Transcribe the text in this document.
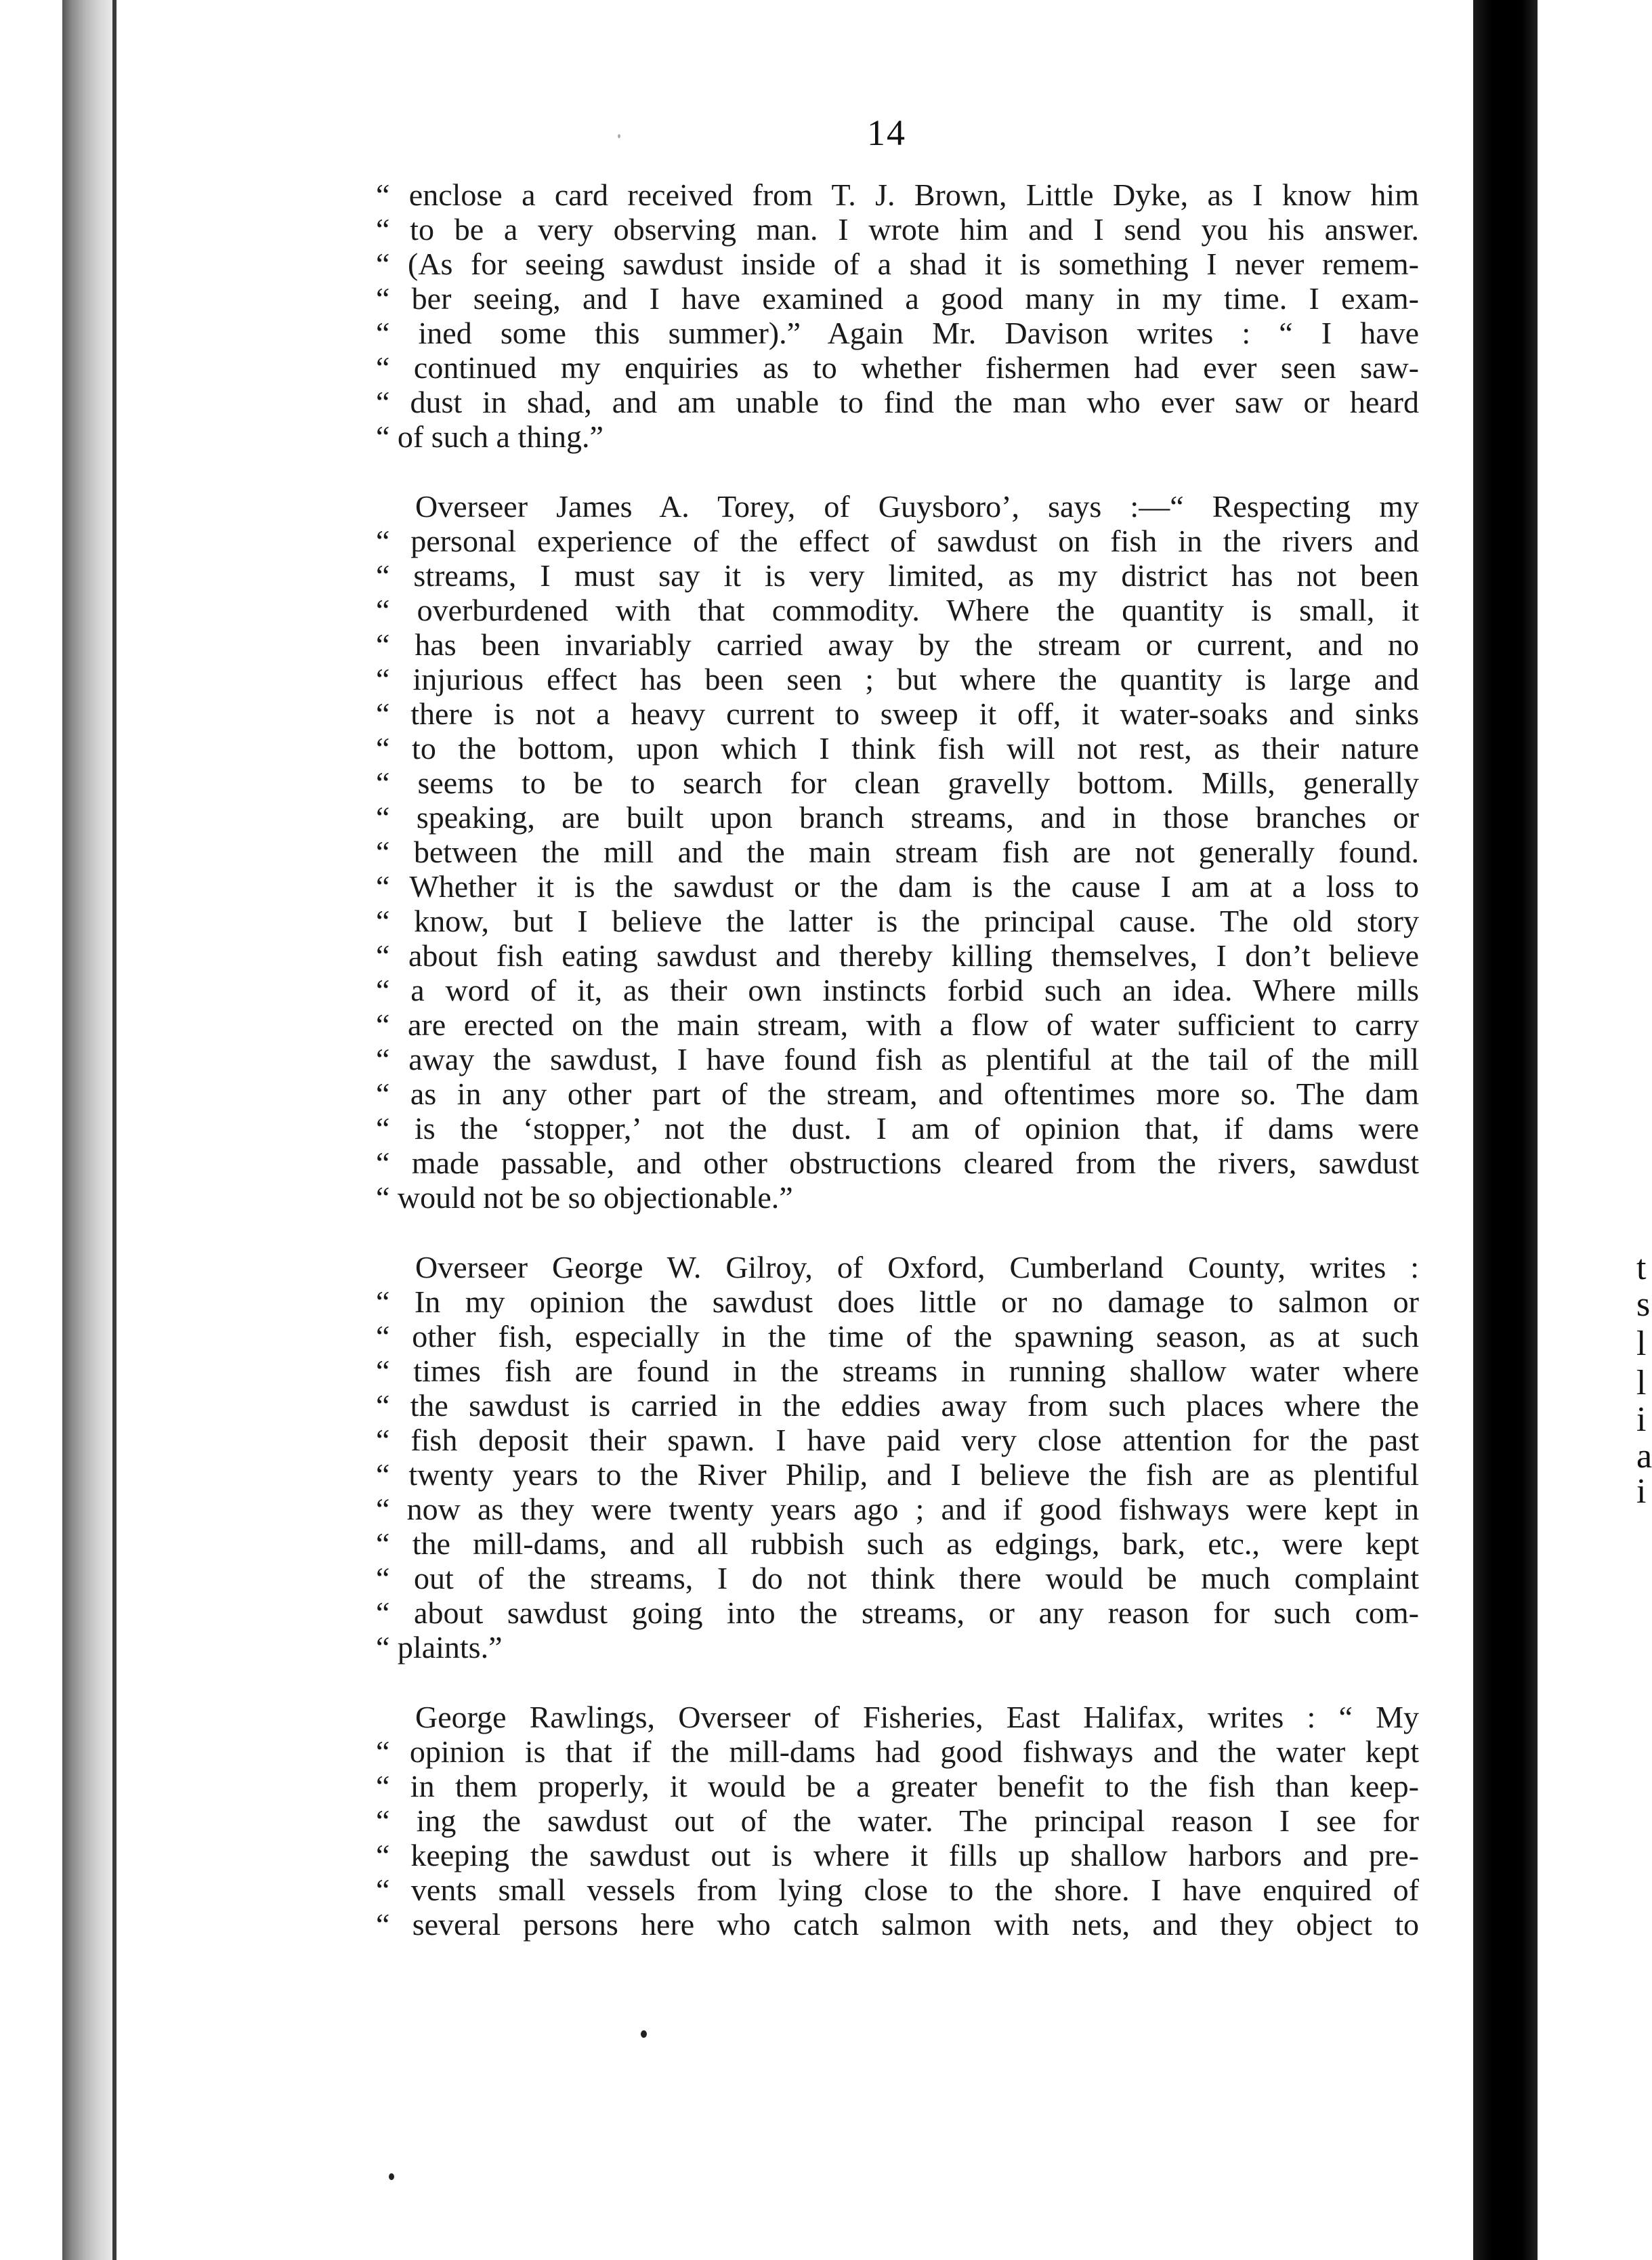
t
s
l
l
i
a
i
14
“ enclose a card received from T. J. Brown, Little Dyke, as I know him
“ to be a very observing man. I wrote him and I send you his answer.
“ (As for seeing sawdust inside of a shad it is something I never remem-
“ ber seeing, and I have examined a good many in my time. I exam-
“ ined some this summer).” Again Mr. Davison writes : “ I have
“ continued my enquiries as to whether fishermen had ever seen saw-
“ dust in shad, and am unable to find the man who ever saw or heard
“ of such a thing.”
Overseer James A. Torey, of Guysboro’, says :—“ Respecting my
“ personal experience of the effect of sawdust on fish in the rivers and
“ streams, I must say it is very limited, as my district has not been
“ overburdened with that commodity. Where the quantity is small, it
“ has been invariably carried away by the stream or current, and no
“ injurious effect has been seen ; but where the quantity is large and
“ there is not a heavy current to sweep it off, it water-soaks and sinks
“ to the bottom, upon which I think fish will not rest, as their nature
“ seems to be to search for clean gravelly bottom. Mills, generally
“ speaking, are built upon branch streams, and in those branches or
“ between the mill and the main stream fish are not generally found.
“ Whether it is the sawdust or the dam is the cause I am at a loss to
“ know, but I believe the latter is the principal cause. The old story
“ about fish eating sawdust and thereby killing themselves, I don’t believe
“ a word of it, as their own instincts forbid such an idea. Where mills
“ are erected on the main stream, with a flow of water sufficient to carry
“ away the sawdust, I have found fish as plentiful at the tail of the mill
“ as in any other part of the stream, and oftentimes more so. The dam
“ is the ‘stopper,’ not the dust. I am of opinion that, if dams were
“ made passable, and other obstructions cleared from the rivers, sawdust
“ would not be so objectionable.”
Overseer George W. Gilroy, of Oxford, Cumberland County, writes :
“ In my opinion the sawdust does little or no damage to salmon or
“ other fish, especially in the time of the spawning season, as at such
“ times fish are found in the streams in running shallow water where
“ the sawdust is carried in the eddies away from such places where the
“ fish deposit their spawn. I have paid very close attention for the past
“ twenty years to the River Philip, and I believe the fish are as plentiful
“ now as they were twenty years ago ; and if good fishways were kept in
“ the mill-dams, and all rubbish such as edgings, bark, etc., were kept
“ out of the streams, I do not think there would be much complaint
“ about sawdust going into the streams, or any reason for such com-
“ plaints.”
George Rawlings, Overseer of Fisheries, East Halifax, writes : “ My
“ opinion is that if the mill-dams had good fishways and the water kept
“ in them properly, it would be a greater benefit to the fish than keep-
“ ing the sawdust out of the water. The principal reason I see for
“ keeping the sawdust out is where it fills up shallow harbors and pre-
“ vents small vessels from lying close to the shore. I have enquired of
“ several persons here who catch salmon with nets, and they object to
